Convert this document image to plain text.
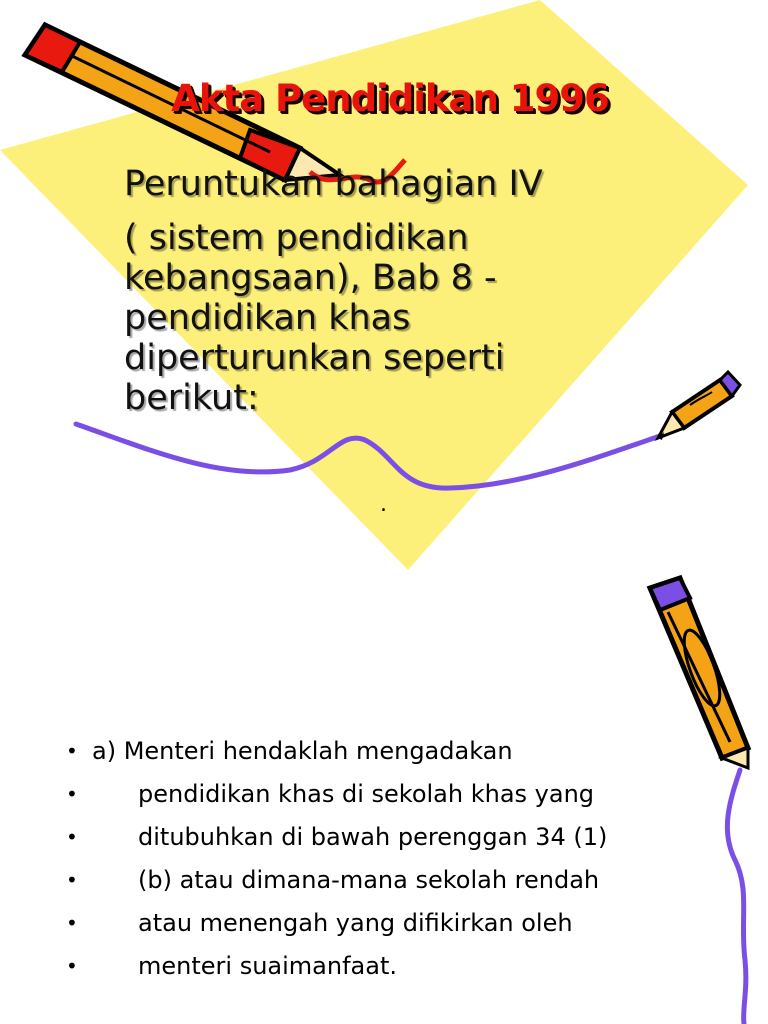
Akta Pendidikan 1996

Peruntukan bahagian IV

( sistem pendidikan

kebangsaan), Bab 8 -

pendidikan khas

diperturunkan seperti

berikut:

.
• a) Menteri hendaklah mengadakan
•	pendidikan khas di sekolah khas yang
•	ditubuhkan di bawah perenggan 34 (1)
•	(b) atau dimana-mana sekolah rendah
•	atau menengah yang difikirkan oleh
•	menteri suaimanfaat.
